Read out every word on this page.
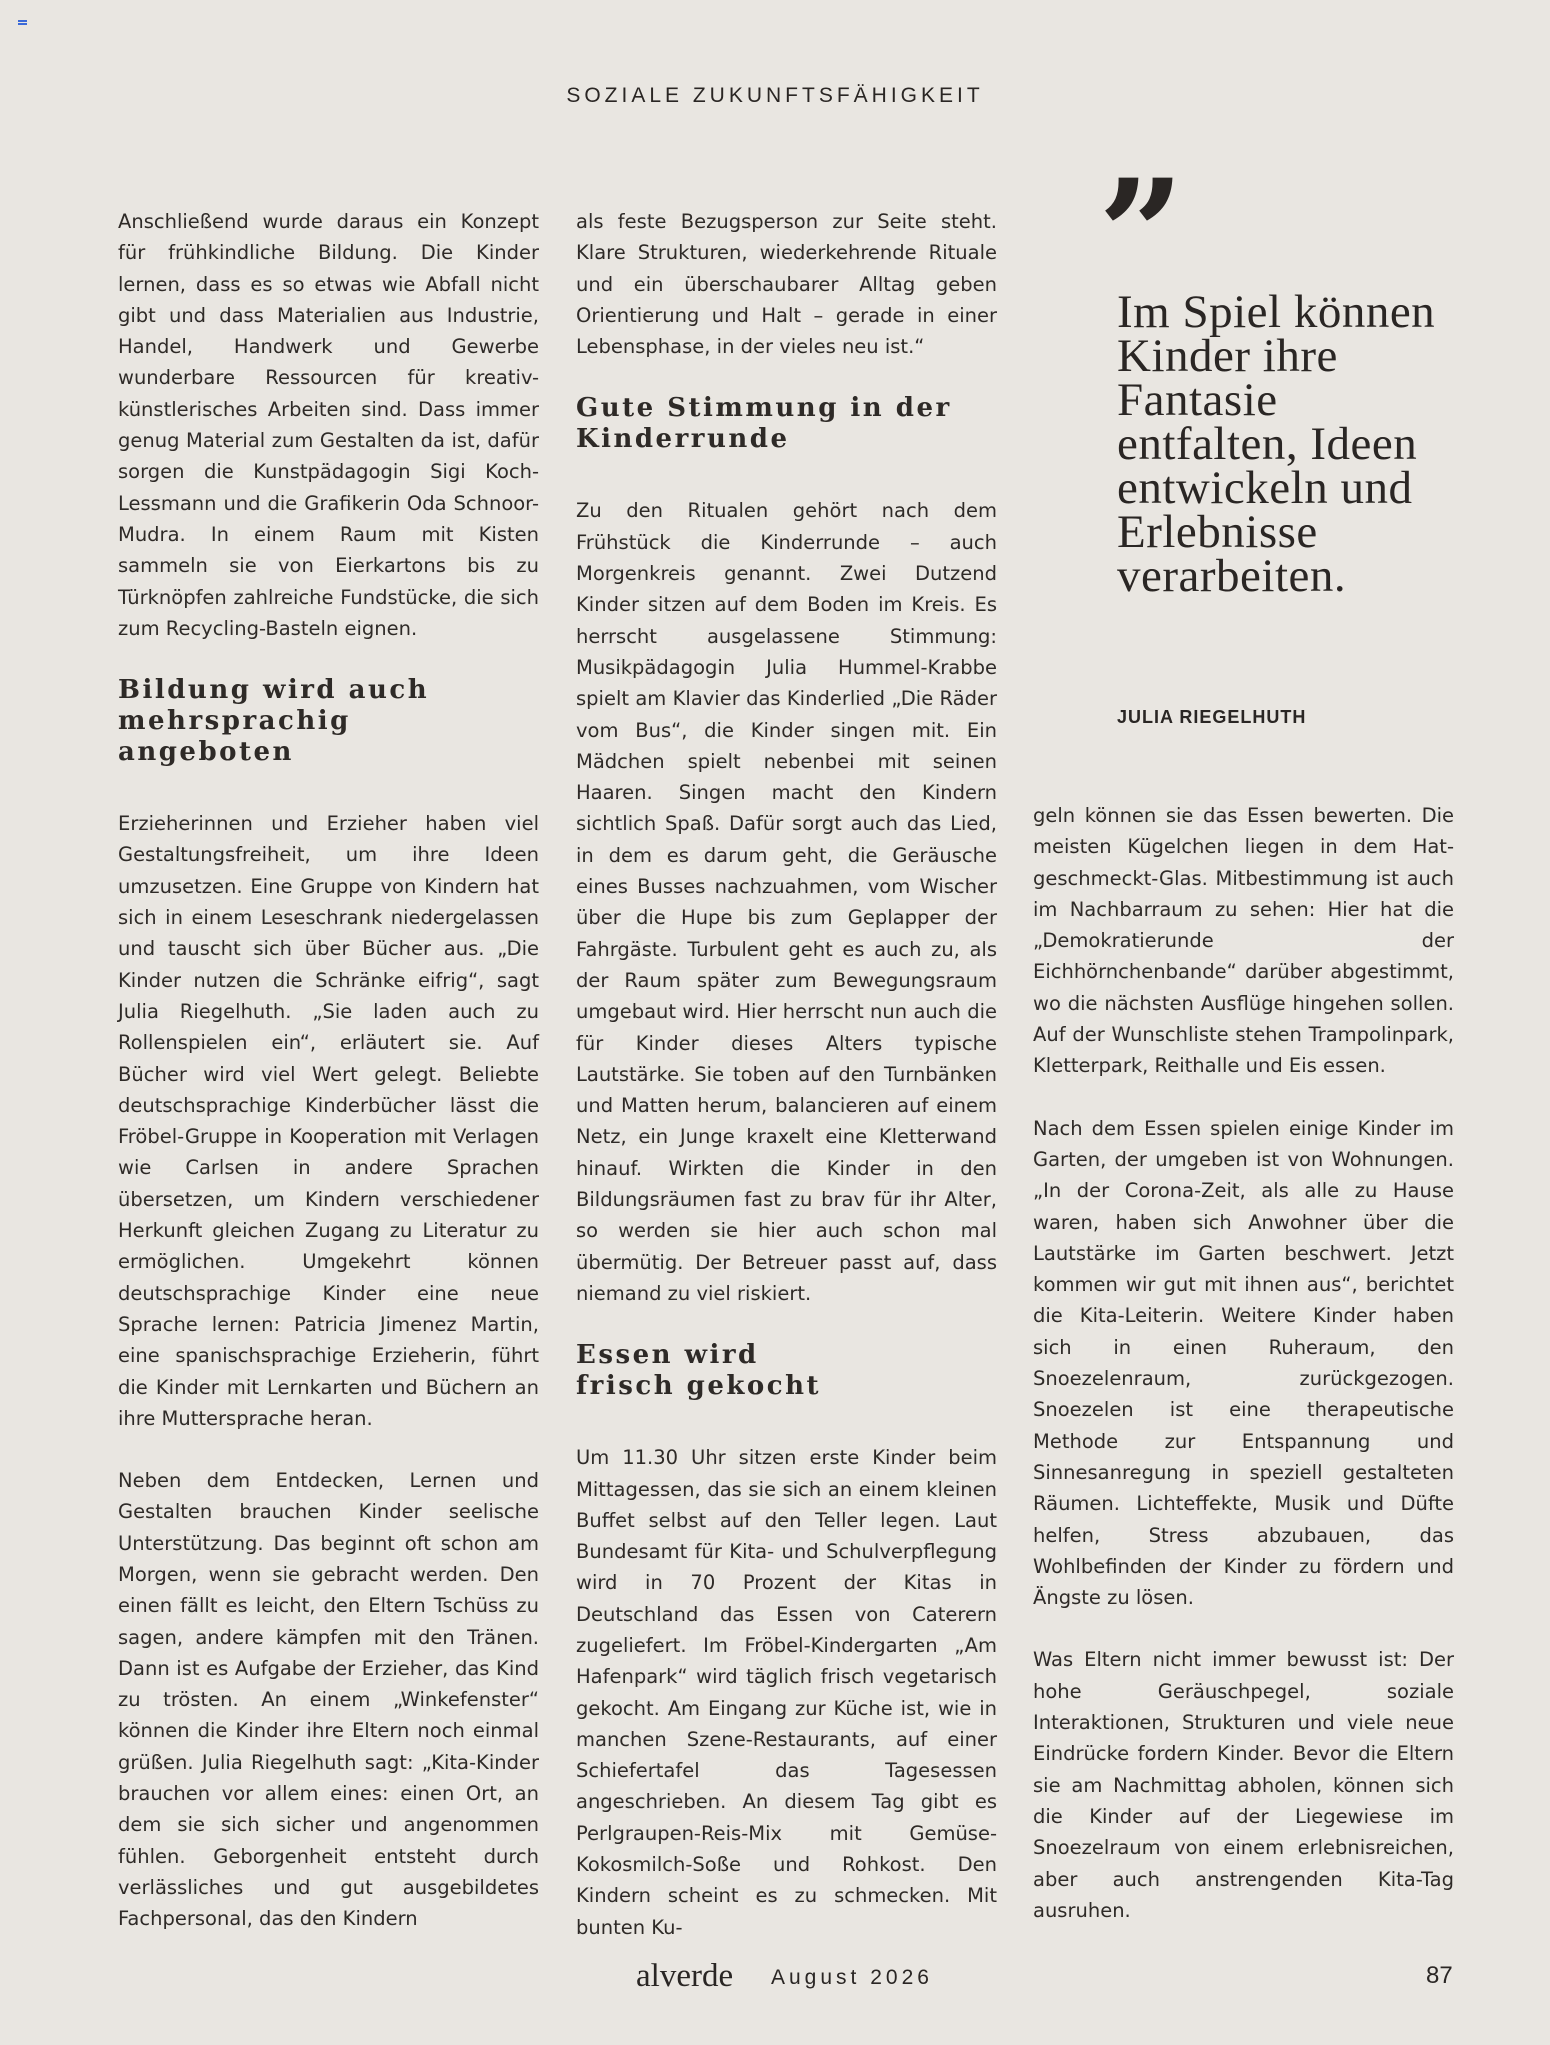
SOZIALE ZUKUNFTSFÄHIGKEIT

Anschließend wurde daraus ein Konzept für frühkindliche Bildung. Die Kinder lernen, dass es so etwas wie Abfall nicht gibt und dass Materialien aus Industrie, Handel, Handwerk und Gewerbe wunderbare Ressourcen für kreativ-künstlerisches Arbeiten sind. Dass immer genug Material zum Gestalten da ist, dafür sorgen die Kunstpädagogin Sigi Koch-Lessmann und die Grafikerin Oda Schnoor-Mudra. In einem Raum mit Kisten sammeln sie von Eierkartons bis zu Türknöpfen zahlreiche Fundstücke, die sich zum Recycling-Basteln eignen.

Bildung wird auch mehrsprachig angeboten

Erzieherinnen und Erzieher haben viel Gestaltungsfreiheit, um ihre Ideen umzusetzen. Eine Gruppe von Kindern hat sich in einem Leseschrank niedergelassen und tauscht sich über Bücher aus. „Die Kinder nutzen die Schränke eifrig“, sagt Julia Riegelhuth. „Sie laden auch zu Rollenspielen ein“, erläutert sie. Auf Bücher wird viel Wert gelegt. Beliebte deutschsprachige Kinderbücher lässt die Fröbel-Gruppe in Kooperation mit Verlagen wie Carlsen in andere Sprachen übersetzen, um Kindern verschiedener Herkunft gleichen Zugang zu Literatur zu ermöglichen. Umgekehrt können deutschsprachige Kinder eine neue Sprache lernen: Patricia Jimenez Martin, eine spanischsprachige Erzieherin, führt die Kinder mit Lernkarten und Büchern an ihre Muttersprache heran.

Neben dem Entdecken, Lernen und Gestalten brauchen Kinder seelische Unterstützung. Das beginnt oft schon am Morgen, wenn sie gebracht werden. Den einen fällt es leicht, den Eltern Tschüss zu sagen, andere kämpfen mit den Tränen. Dann ist es Aufgabe der Erzieher, das Kind zu trösten. An einem „Winkefenster“ können die Kinder ihre Eltern noch einmal grüßen. Julia Riegelhuth sagt: „Kita-Kinder brauchen vor allem eines: einen Ort, an dem sie sich sicher und angenommen fühlen. Geborgenheit entsteht durch verlässliches und gut ausgebildetes Fachpersonal, das den Kindern

als feste Bezugsperson zur Seite steht. Klare Strukturen, wiederkehrende Rituale und ein überschaubarer Alltag geben Orientierung und Halt – gerade in einer Lebensphase, in der vieles neu ist.“

Gute Stimmung in der Kinderrunde

Zu den Ritualen gehört nach dem Frühstück die Kinderrunde – auch Morgenkreis genannt. Zwei Dutzend Kinder sitzen auf dem Boden im Kreis. Es herrscht ausgelassene Stimmung: Musikpädagogin Julia Hummel-Krabbe spielt am Klavier das Kinderlied „Die Räder vom Bus“, die Kinder singen mit. Ein Mädchen spielt nebenbei mit seinen Haaren. Singen macht den Kindern sichtlich Spaß. Dafür sorgt auch das Lied, in dem es darum geht, die Geräusche eines Busses nachzuahmen, vom Wischer über die Hupe bis zum Geplapper der Fahrgäste. Turbulent geht es auch zu, als der Raum später zum Bewegungsraum umgebaut wird. Hier herrscht nun auch die für Kinder dieses Alters typische Lautstärke. Sie toben auf den Turnbänken und Matten herum, balancieren auf einem Netz, ein Junge kraxelt eine Kletterwand hinauf. Wirkten die Kinder in den Bildungsräumen fast zu brav für ihr Alter, so werden sie hier auch schon mal übermütig. Der Betreuer passt auf, dass niemand zu viel riskiert.

Essen wird frisch gekocht

Um 11.30 Uhr sitzen erste Kinder beim Mittagessen, das sie sich an einem kleinen Buffet selbst auf den Teller legen. Laut Bundesamt für Kita- und Schulverpflegung wird in 70 Prozent der Kitas in Deutschland das Essen von Caterern zugeliefert. Im Fröbel-Kindergarten „Am Hafenpark“ wird täglich frisch vegetarisch gekocht. Am Eingang zur Küche ist, wie in manchen Szene-Restaurants, auf einer Schiefertafel das Tagesessen angeschrieben. An diesem Tag gibt es Perlgraupen-Reis-Mix mit Gemüse-Kokosmilch-Soße und Rohkost. Den Kindern scheint es zu schmecken. Mit bunten Ku-

”
Im Spiel können Kinder ihre Fantasie entfalten, Ideen entwickeln und Erlebnisse verarbeiten.
JULIA RIEGELHUTH

geln können sie das Essen bewerten. Die meisten Kügelchen liegen in dem Hat-geschmeckt-Glas. Mitbestimmung ist auch im Nachbarraum zu sehen: Hier hat die „Demokratierunde der Eichhörnchenbande“ darüber abgestimmt, wo die nächsten Ausflüge hingehen sollen. Auf der Wunschliste stehen Trampolinpark, Kletterpark, Reithalle und Eis essen.

Nach dem Essen spielen einige Kinder im Garten, der umgeben ist von Wohnungen. „In der Corona-Zeit, als alle zu Hause waren, haben sich Anwohner über die Lautstärke im Garten beschwert. Jetzt kommen wir gut mit ihnen aus“, berichtet die Kita-Leiterin. Weitere Kinder haben sich in einen Ruheraum, den Snoezelenraum, zurückgezogen. Snoezelen ist eine therapeutische Methode zur Entspannung und Sinnesanregung in speziell gestalteten Räumen. Lichteffekte, Musik und Düfte helfen, Stress abzubauen, das Wohlbefinden der Kinder zu fördern und Ängste zu lösen.

Was Eltern nicht immer bewusst ist: Der hohe Geräuschpegel, soziale Interaktionen, Strukturen und viele neue Eindrücke fordern Kinder. Bevor die Eltern sie am Nachmittag abholen, können sich die Kinder auf der Liegewiese im Snoezelraum von einem erlebnisreichen, aber auch anstrengenden Kita-Tag ausruhen.

alverde August 2026	87
